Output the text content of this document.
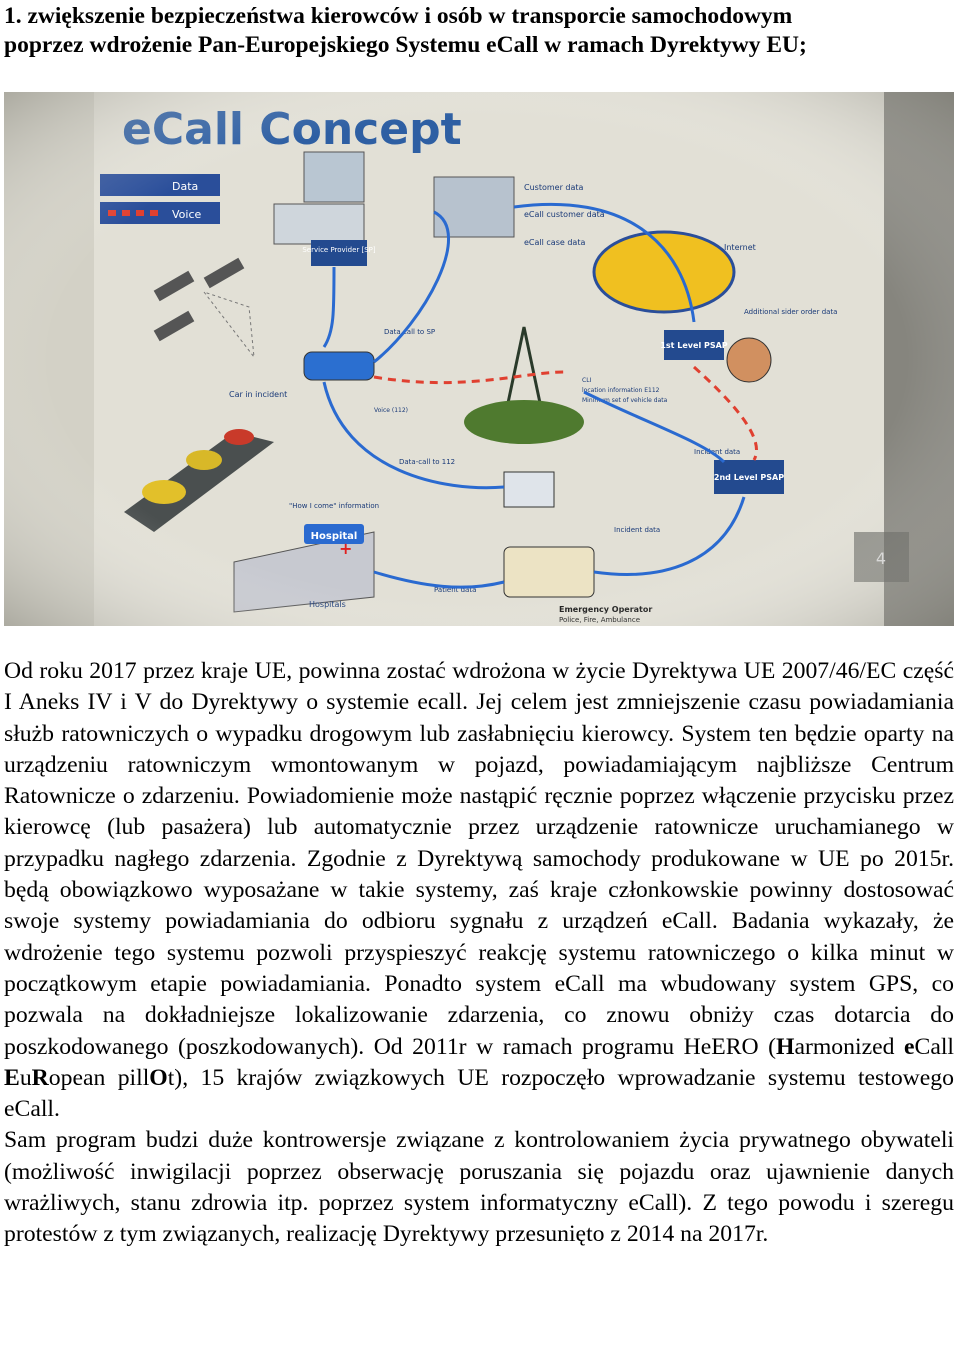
1. zwiększenie bezpieczeństwa kierowców i osób w transporcie samochodowym
poprzez wdrożenie Pan-Europejskiego Systemu eCall w ramach Dyrektywy EU;

Od roku 2017 przez kraje UE, powinna zostać wdrożona w życie Dyrektywa UE 2007/46/EC część I Aneks IV i V do Dyrektywy o systemie ecall. Jej celem jest zmniejszenie czasu powiadamiania służb ratowniczych o wypadku drogowym lub zasłabnięciu kierowcy. System ten będzie oparty na urządzeniu ratowniczym wmontowanym w pojazd, powiadamiającym najbliższe Centrum Ratownicze o zdarzeniu. Powiadomienie może nastąpić ręcznie poprzez włączenie przycisku przez kierowcę (lub pasażera) lub automatycznie przez urządzenie ratownicze uruchamianego w przypadku nagłego zdarzenia. Zgodnie z Dyrektywą samochody produkowane w UE po 2015r. będą obowiązkowo wyposażane w takie systemy, zaś kraje członkowskie powinny dostosować swoje systemy powiadamiania do odbioru sygnału z urządzeń eCall. Badania wykazały, że wdrożenie tego systemu pozwoli przyspieszyć reakcję systemu ratowniczego o kilka minut w początkowym etapie powiadamiania. Ponadto system eCall ma wbudowany system GPS, co pozwala na dokładniejsze lokalizowanie zdarzenia, co znowu obniży czas dotarcia do poszkodowanego (poszkodowanych). Od 2011r w ramach programu HeERO (Harmonized eCall EuRopean pillOt), 15 krajów związkowych UE rozpoczęło wprowadzanie systemu testowego eCall.

Sam program budzi duże kontrowersje związane z kontrolowaniem życia prywatnego obywateli (możliwość inwigilacji poprzez obserwację poruszania się pojazdu oraz ujawnienie danych wrażliwych, stanu zdrowia itp. poprzez system informatyczny eCall). Z tego powodu i szeregu protestów z tym związanych, realizację Dyrektywy przesunięto z 2014 na 2017r.
